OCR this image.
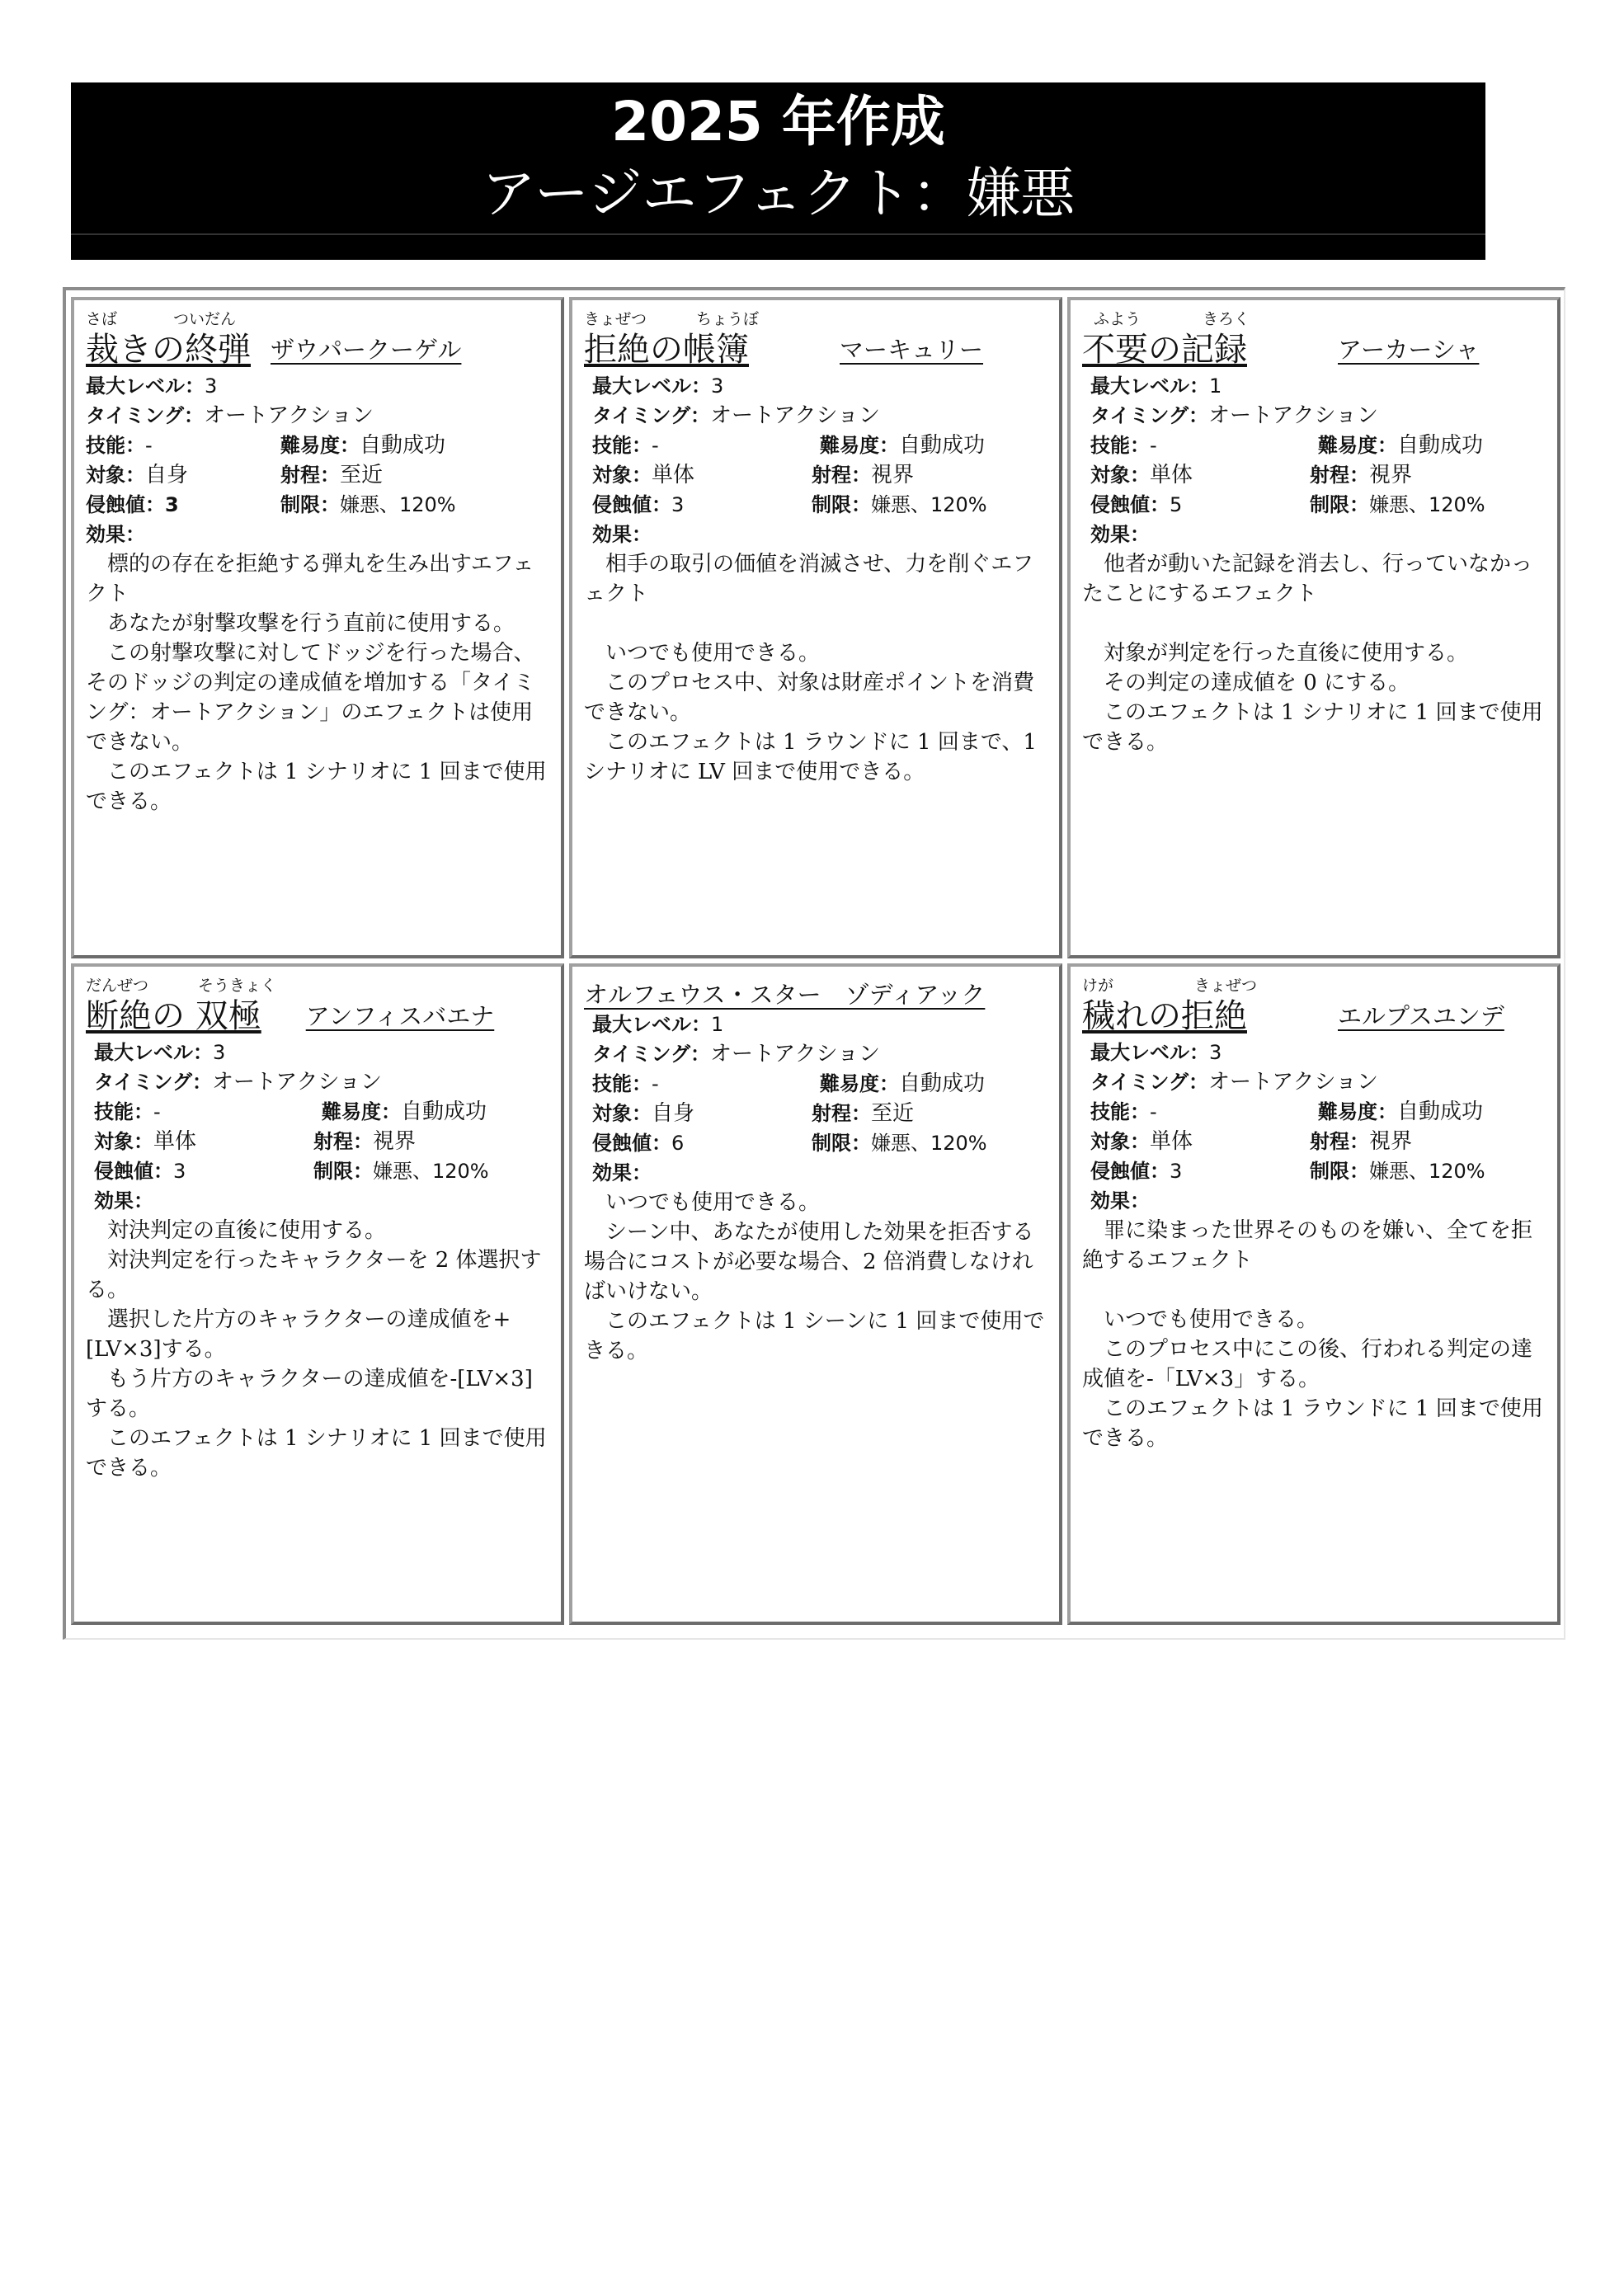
2025 年作成
アージエフェクト：嫌悪
さば	ついだん
裁きの終弾 ザウパークーゲル
最大レベル：3
タイミング：オートアクション
技能：-	難易度：自動成功
対象：自身	射程：至近
侵蝕値：3	制限：嫌悪、120%
効果：

　標的の存在を拒絶する弾丸を生み出すエフェクト

　あなたが射撃攻撃を行う直前に使用する。

　この射撃攻撃に対してドッジを行った場合、そのドッジの判定の達成値を増加する「タイミング：オートアクション」のエフェクトは使用できない。

　このエフェクトは 1 シナリオに 1 回まで使用できる。

きょぜつ	ちょうぼ
拒絶の帳簿	マーキュリー
最大レベル：3
タイミング：オートアクション
技能：-	難易度：自動成功
対象：単体	射程：視界
侵蝕値：3	制限：嫌悪、120%
効果：

　相手の取引の価値を消滅させ、力を削ぐエフェクト

　いつでも使用できる。

　このプロセス中、対象は財産ポイントを消費できない。

　このエフェクトは 1 ラウンドに 1 回まで、1 シナリオに LV 回まで使用できる。

ふよう	きろく
不要の記録	アーカーシャ
最大レベル：1
タイミング：オートアクション
技能：-	難易度：自動成功
対象：単体	射程：視界
侵蝕値：5	制限：嫌悪、120%
効果：

　他者が動いた記録を消去し、行っていなかったことにするエフェクト

　対象が判定を行った直後に使用する。

　その判定の達成値を 0 にする。

　このエフェクトは 1 シナリオに 1 回まで使用できる。

だんぜつ	そうきょく
断絶の 双極 アンフィスバエナ
最大レベル：3
タイミング：オートアクション
技能：-	難易度：自動成功
対象：単体	射程：視界
侵蝕値：3	制限：嫌悪、120%
効果：

　対決判定の直後に使用する。

　対決判定を行ったキャラクターを 2 体選択する。

　選択した片方のキャラクターの達成値を+[LV×3]する。

　もう片方のキャラクターの達成値を-[LV×3]する。

　このエフェクトは 1 シナリオに 1 回まで使用できる。

オルフェウス・スター　ゾディアック
最大レベル：1
タイミング：オートアクション
技能：-	難易度：自動成功
対象：自身	射程：至近
侵蝕値：6	制限：嫌悪、120%
効果：

　いつでも使用できる。

　シーン中、あなたが使用した効果を拒否する場合にコストが必要な場合、2 倍消費しなければいけない。

　このエフェクトは 1 シーンに 1 回まで使用できる。

けが	きょぜつ
穢れの拒絶	エルプスユンデ
最大レベル：3
タイミング：オートアクション
技能：-	難易度：自動成功
対象：単体	射程：視界
侵蝕値：3	制限：嫌悪、120%
効果：

　罪に染まった世界そのものを嫌い、全てを拒絶するエフェクト

　いつでも使用できる。

　このプロセス中にこの後、行われる判定の達成値を-「LV×3」する。

　このエフェクトは 1 ラウンドに 1 回まで使用できる。
